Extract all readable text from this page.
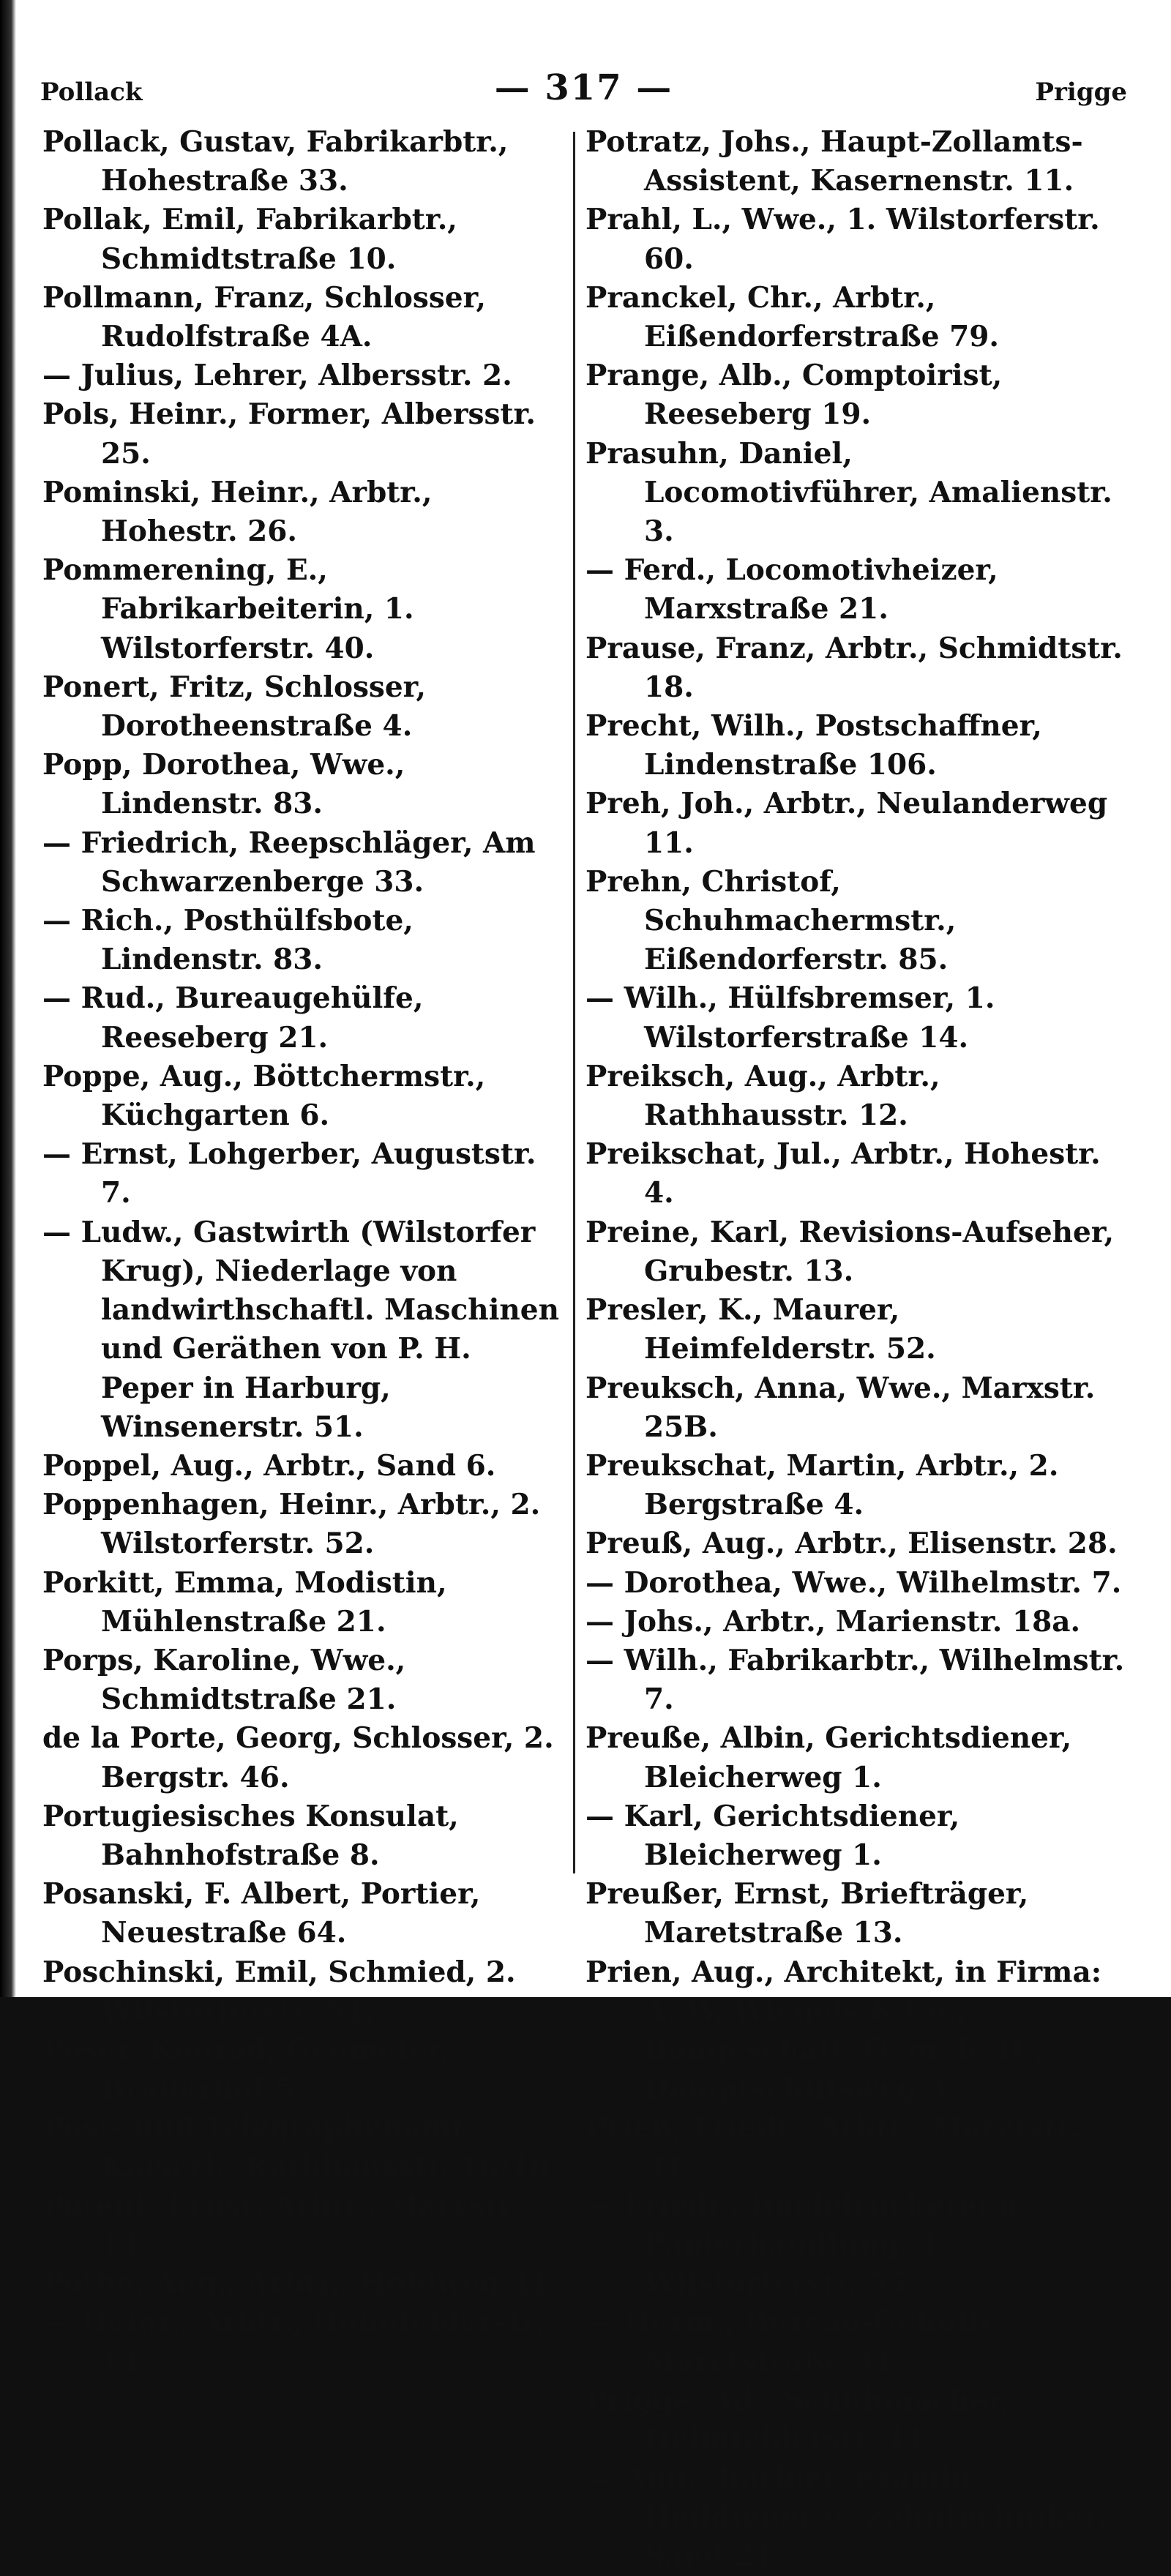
Pollack	— 317 —	Prigge

Pollack, Gustav, Fabrikarbtr., Hohestraße 33.

Pollak, Emil, Fabrikarbtr., Schmidtstraße 10.

Pollmann, Franz, Schlosser, Rudolfstraße 4A.

— Julius, Lehrer, Albersstr. 2.

Pols, Heinr., Former, Albersstr. 25.

Pominski, Heinr., Arbtr., Hohestr. 26.

Pommerening, E., Fabrikarbeiterin, 1. Wilstorferstr. 40.

Ponert, Fritz, Schlosser, Dorotheenstraße 4.

Popp, Dorothea, Wwe., Lindenstr. 83.

— Friedrich, Reepschläger, Am Schwarzenberge 33.

— Rich., Posthülfsbote, Lindenstr. 83.

— Rud., Bureaugehülfe, Reeseberg 21.

Poppe, Aug., Böttchermstr., Küchgarten 6.

— Ernst, Lohgerber, Auguststr. 7.

— Ludw., Gastwirth (Wilstorfer Krug), Niederlage von landwirthschaftl. Maschinen und Geräthen von P. H. Peper in Harburg, Winsenerstr. 51.

Poppel, Aug., Arbtr., Sand 6.

Poppenhagen, Heinr., Arbtr., 2. Wilstorferstr. 52.

Porkitt, Emma, Modistin, Mühlenstraße 21.

Porps, Karoline, Wwe., Schmidtstraße 21.

de la Porte, Georg, Schlosser, 2. Bergstr. 46.

Portugiesisches Konsulat, Bahnhofstraße 8.

Posanski, F. Albert, Portier, Neuestraße 64.

Poschinski, Emil, Schmied, 2. Wilstorferstr. 54.

Poser, Konrad, Geometer, Brauerhof 5.

Post- und Telegraphenamt, Kaiserl., Rathhausstr. 16/18.

Potent, Ernst, Arbtr., Marxstr. 11.

Pothe, Aug., Arbtr., Hohlweg 41.

— Heinr., Arbtr., Heimfelderstr. 11

Potratz, Johs., Haupt-Zollamts-Assistent, Kasernenstr. 11.

Prahl, L., Wwe., 1. Wilstorferstr. 60.

Pranckel, Chr., Arbtr., Eißendorferstraße 79.

Prange, Alb., Comptoirist, Reeseberg 19.

Prasuhn, Daniel, Locomotivführer, Amalienstr. 3.

— Ferd., Locomotivheizer, Marxstraße 21.

Prause, Franz, Arbtr., Schmidtstr. 18.

Precht, Wilh., Postschaffner, Lindenstraße 106.

Preh, Joh., Arbtr., Neulanderweg 11.

Prehn, Christof, Schuhmachermstr., Eißendorferstr. 85.

— Wilh., Hülfsbremser, 1. Wilstorferstraße 14.

Preiksch, Aug., Arbtr., Rathhausstr. 12.

Preikschat, Jul., Arbtr., Hohestr. 4.

Preine, Karl, Revisions-Aufseher, Grubestr. 13.

Presler, K., Maurer, Heimfelderstr. 52.

Preuksch, Anna, Wwe., Marxstr. 25B.

Preukschat, Martin, Arbtr., 2. Bergstraße 4.

Preuß, Aug., Arbtr., Elisenstr. 28.

— Dorothea, Wwe., Wilhelmstr. 7.

— Johs., Arbtr., Marienstr. 18a.

— Wilh., Fabrikarbtr., Wilhelmstr. 7.

Preuße, Albin, Gerichtsdiener, Bleicherweg 1.

— Karl, Gerichtsdiener, Bleicherweg 1.

Preußer, Ernst, Briefträger, Maretstraße 13.

Prien, Aug., Architekt, in Firma: A. W. Wiegels & Co., Baugeschäft, G. m. b. H., Dampfschiffsweg 3.

Prieß, Friedr., Arbtr., Maretstr. 31.

— Friedr., Buchdruckerei u. Papierhandlung, 1. Wilstorferstr. 55.

— Herm., Bureau-Gehülfe, Maretstraße 31.

Prigge, Ad., Schuhmacher, Heimfelderstr. 11.

— Aug., Barbier, examin. Heildiener u. Zahntechniker, Sand 21.
